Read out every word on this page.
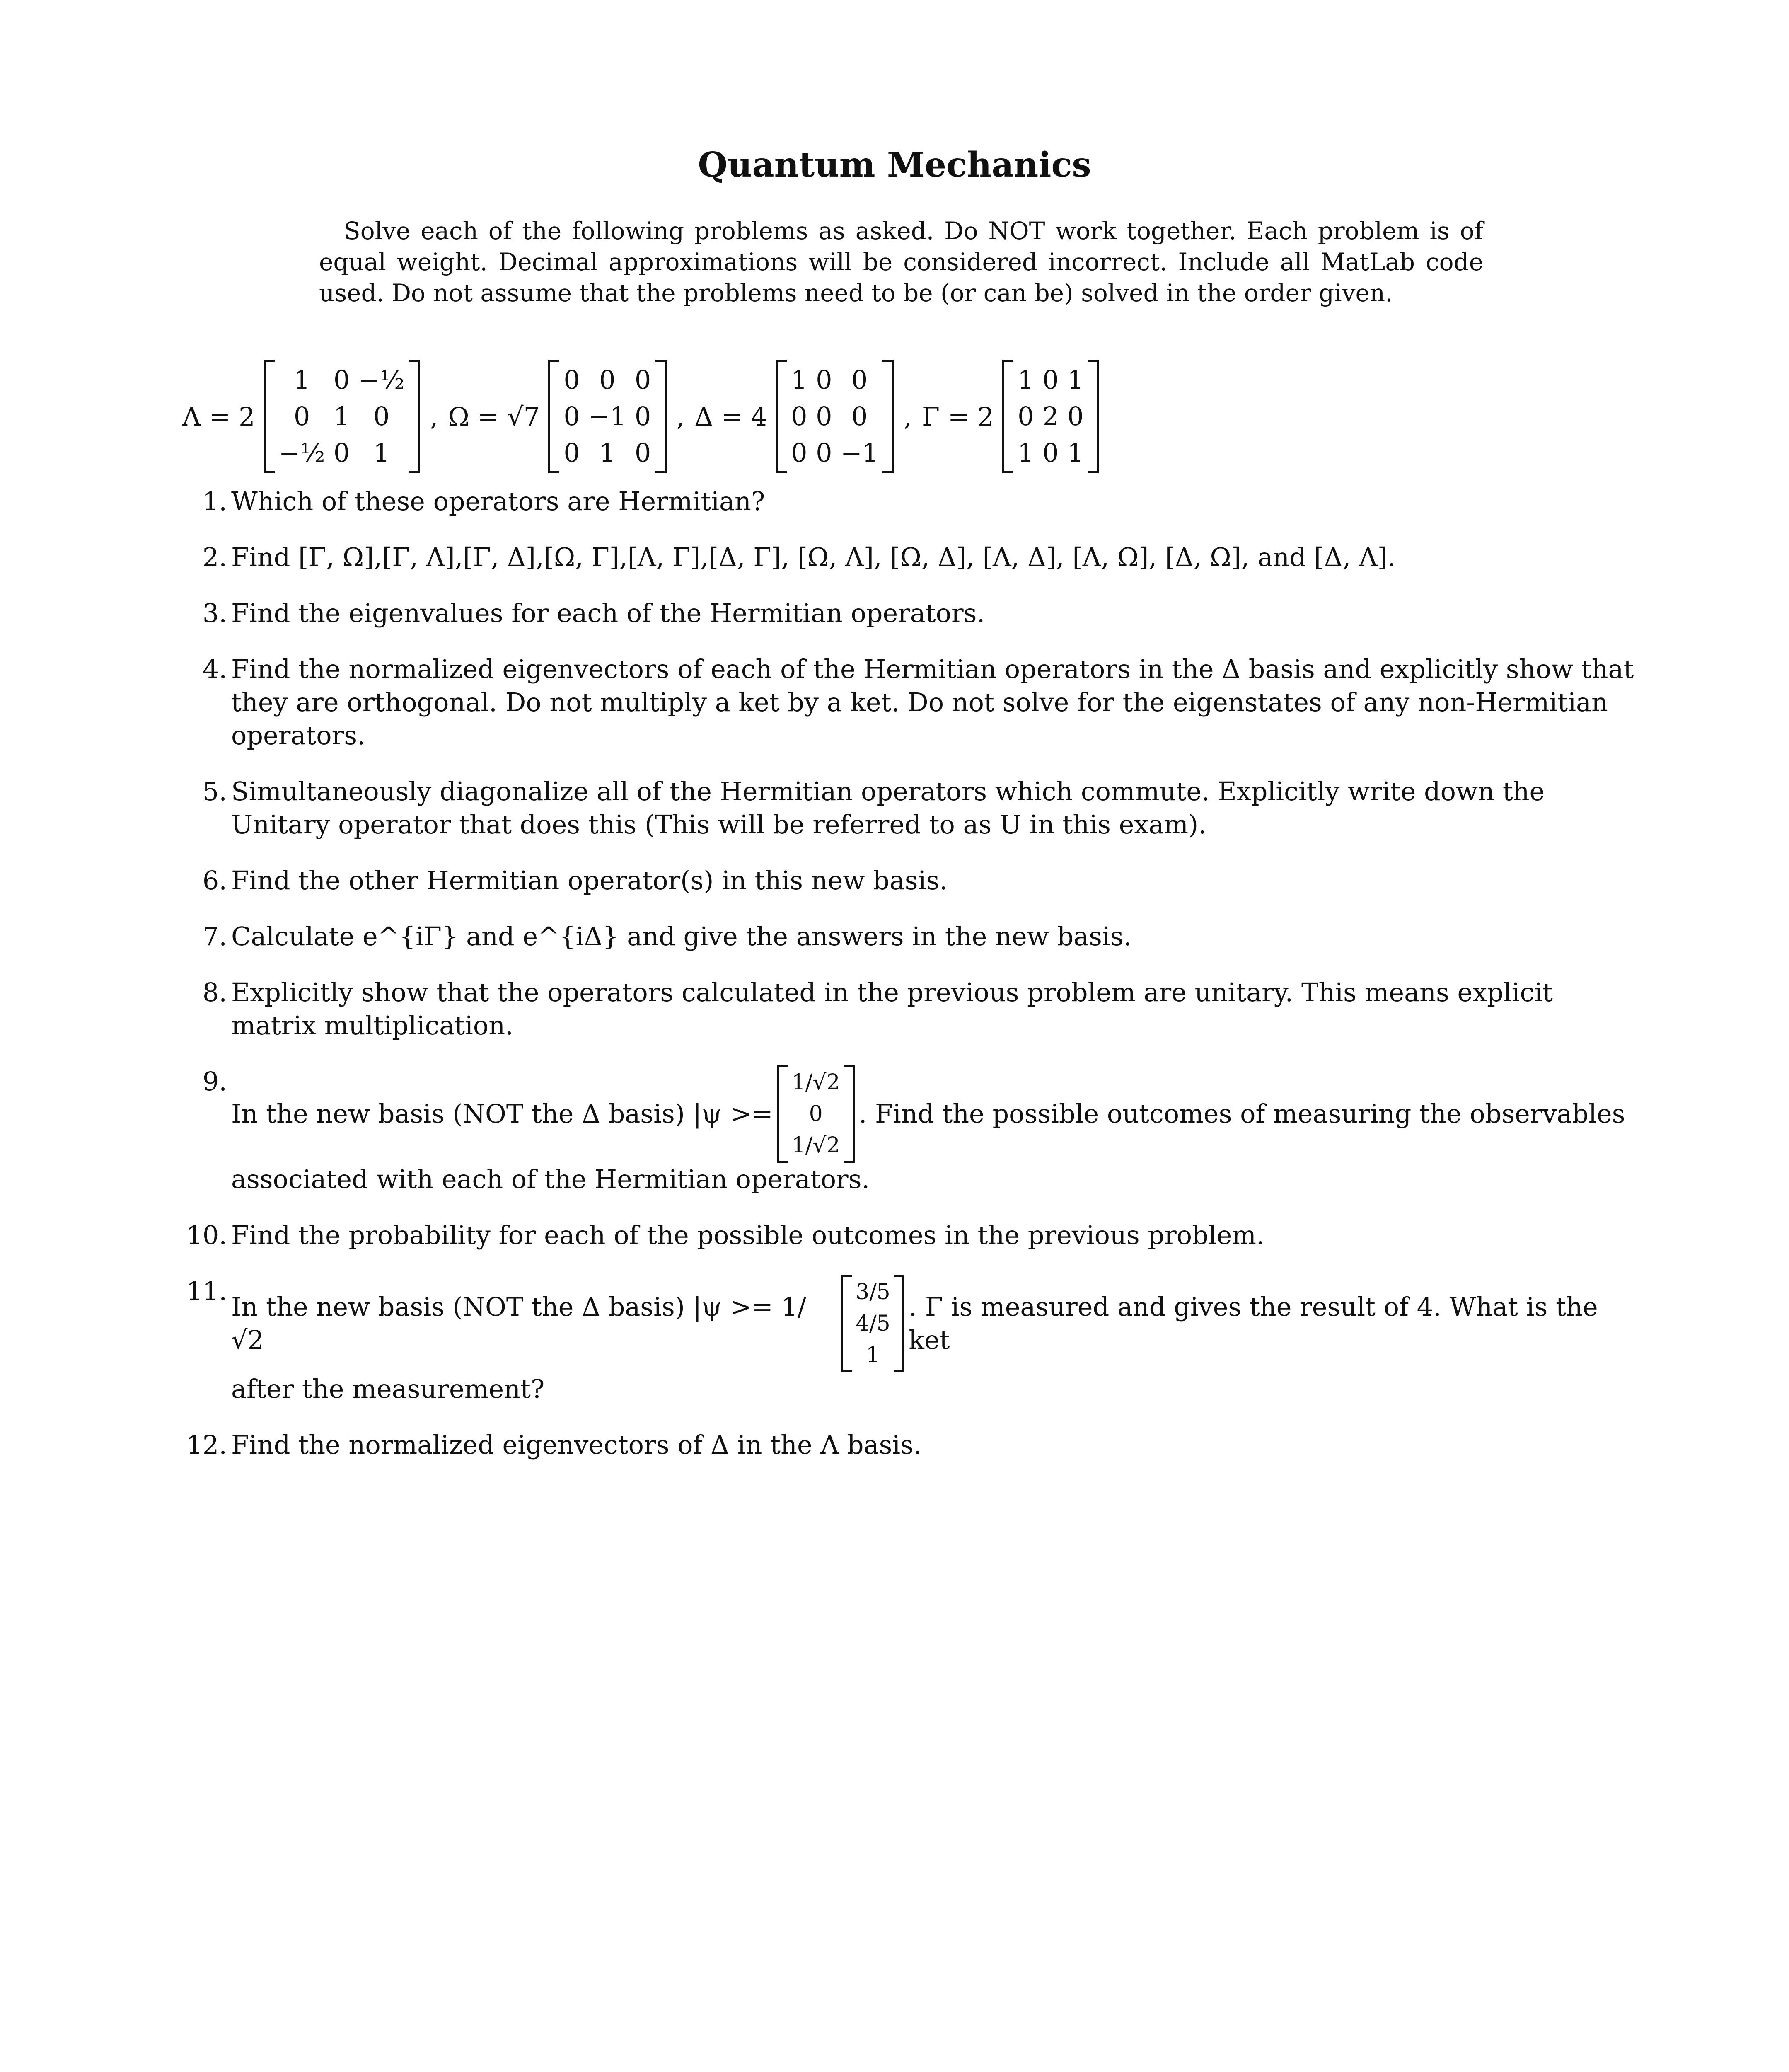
Quantum Mechanics
Solve each of the following problems as asked. Do NOT work together. Each problem is of equal weight. Decimal approximations will be considered incorrect. Include all MatLab code used. Do not assume that the problems need to be (or can be) solved in the order given.
Λ = 2
1 0 −½
0 1 0
−½ 0 1
, Ω = √7
0 0 0
0 −1 0
0 1 0
, Δ = 4
1 0 0
0 0 0
0 0 −1
, Γ = 2
1 0 1
0 2 0
1 0 1
1. Which of these operators are Hermitian?
2. Find [Γ, Ω],[Γ, Λ],[Γ, Δ],[Ω, Γ],[Λ, Γ],[Δ, Γ], [Ω, Λ], [Ω, Δ], [Λ, Δ], [Λ, Ω], [Δ, Ω], and [Δ, Λ].
3. Find the eigenvalues for each of the Hermitian operators.
4. Find the normalized eigenvectors of each of the Hermitian operators in the Δ basis and explicitly show that they are orthogonal. Do not multiply a ket by a ket. Do not solve for the eigenstates of any non-Hermitian operators.
5. Simultaneously diagonalize all of the Hermitian operators which commute. Explicitly write down the Unitary operator that does this (This will be referred to as U in this exam).
6. Find the other Hermitian operator(s) in this new basis.
7. Calculate e^{iΓ} and e^{iΔ} and give the answers in the new basis.
8. Explicitly show that the operators calculated in the previous problem are unitary. This means explicit matrix multiplication.
9.
In the new basis (NOT the Δ basis) |ψ >=
1/√2
0
1/√2
. Find the possible outcomes of measuring the observables
associated with each of the Hermitian operators.
10. Find the probability for each of the possible outcomes in the previous problem.
11.
In the new basis (NOT the Δ basis) |ψ >= 1/√2
3/5
4/5
1
. Γ is measured and gives the result of 4. What is the ket
after the measurement?
12. Find the normalized eigenvectors of Δ in the Λ basis.
